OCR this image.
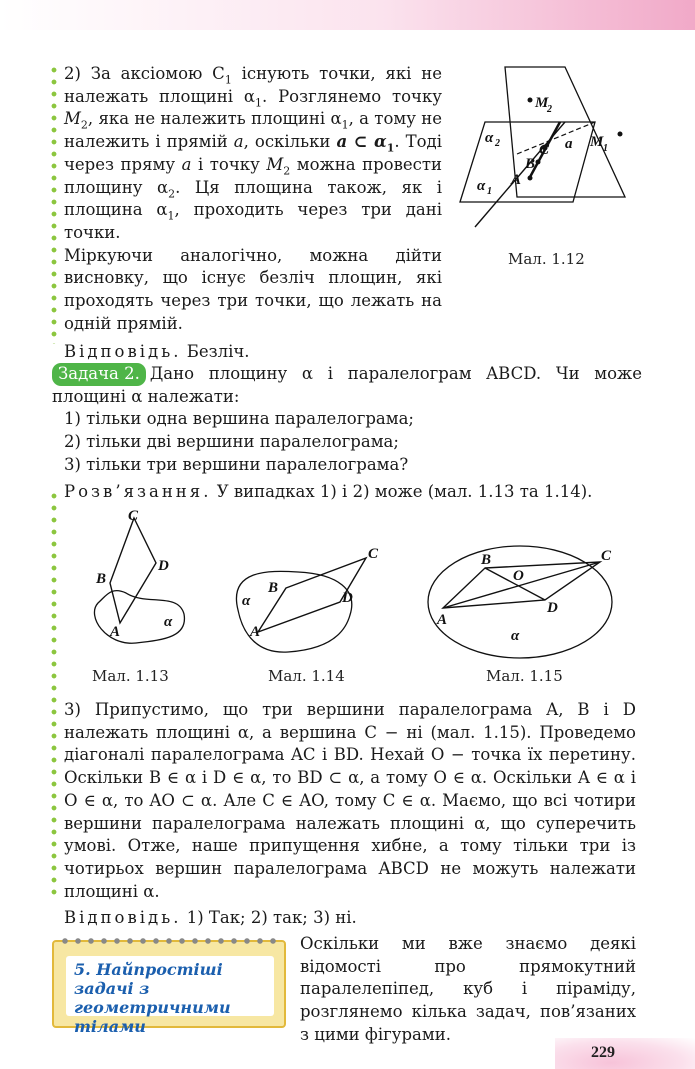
2) За аксіомою $С_1$ існують точки, які не належать площині $\alpha_1$. Розглянемо точку $M_2$, яка не належить площині $\alpha_1$, а тому не належить і прямій a, оскільки a ⊂ $\alpha_1$. Тоді через пряму a і точку $M_2$ можна провести площину $\alpha_2$. Ця площина також, як і площина $\alpha_1$, проходить через три дані точки.

Міркуючи аналогічно, можна дійти висновку, що існує безліч площин, які проходять через три точки, що лежать на одній прямій.

Відповідь. Безліч.

M
2
α 2	C a M 1
B
A
α 1
Мал. 1.12

Задача 2. Дано площину α і паралелограм ABCD. Чи може площині α належати:

1) тільки одна вершина паралелограма;

2) тільки дві вершини паралелограма;

3) тільки три вершини паралелограма?

Розв’язання. У випадках 1) і 2) може (мал. 1.13 та 1.14).

C
B
D
A
α
Мал. 1.13
C
α
B
D
A
Мал. 1.14
B	C
O
D
A
α
Мал. 1.15

3) Припустимо, що три вершини паралелограма A, B і D належать площині α, а вершина C − ні (мал. 1.15). Проведемо діагоналі паралелограма AC і BD. Нехай O − точка їх перетину. Оскільки B ∈ α і D ∈ α, то BD ⊂ α, а тому O ∈ α. Оскільки A ∈ α і O ∈ α, то AO ⊂ α. Але C ∈ AO, тому C ∈ α. Маємо, що всі чотири вершини паралелограма належать площині α, що суперечить умові. Отже, наше припущення хибне, а тому тільки три із чотирьох вершин паралелограма ABCD не можуть належати площині α.

Відповідь. 1) Так; 2) так; 3) ні.

5. Найпростіші задачі з геометричними тілами
Оскільки ми вже знаємо деякі відомості про прямокутний паралелепіпед, куб і піраміду, розглянемо кілька задач, пов’язаних з цими фігурами.
229
